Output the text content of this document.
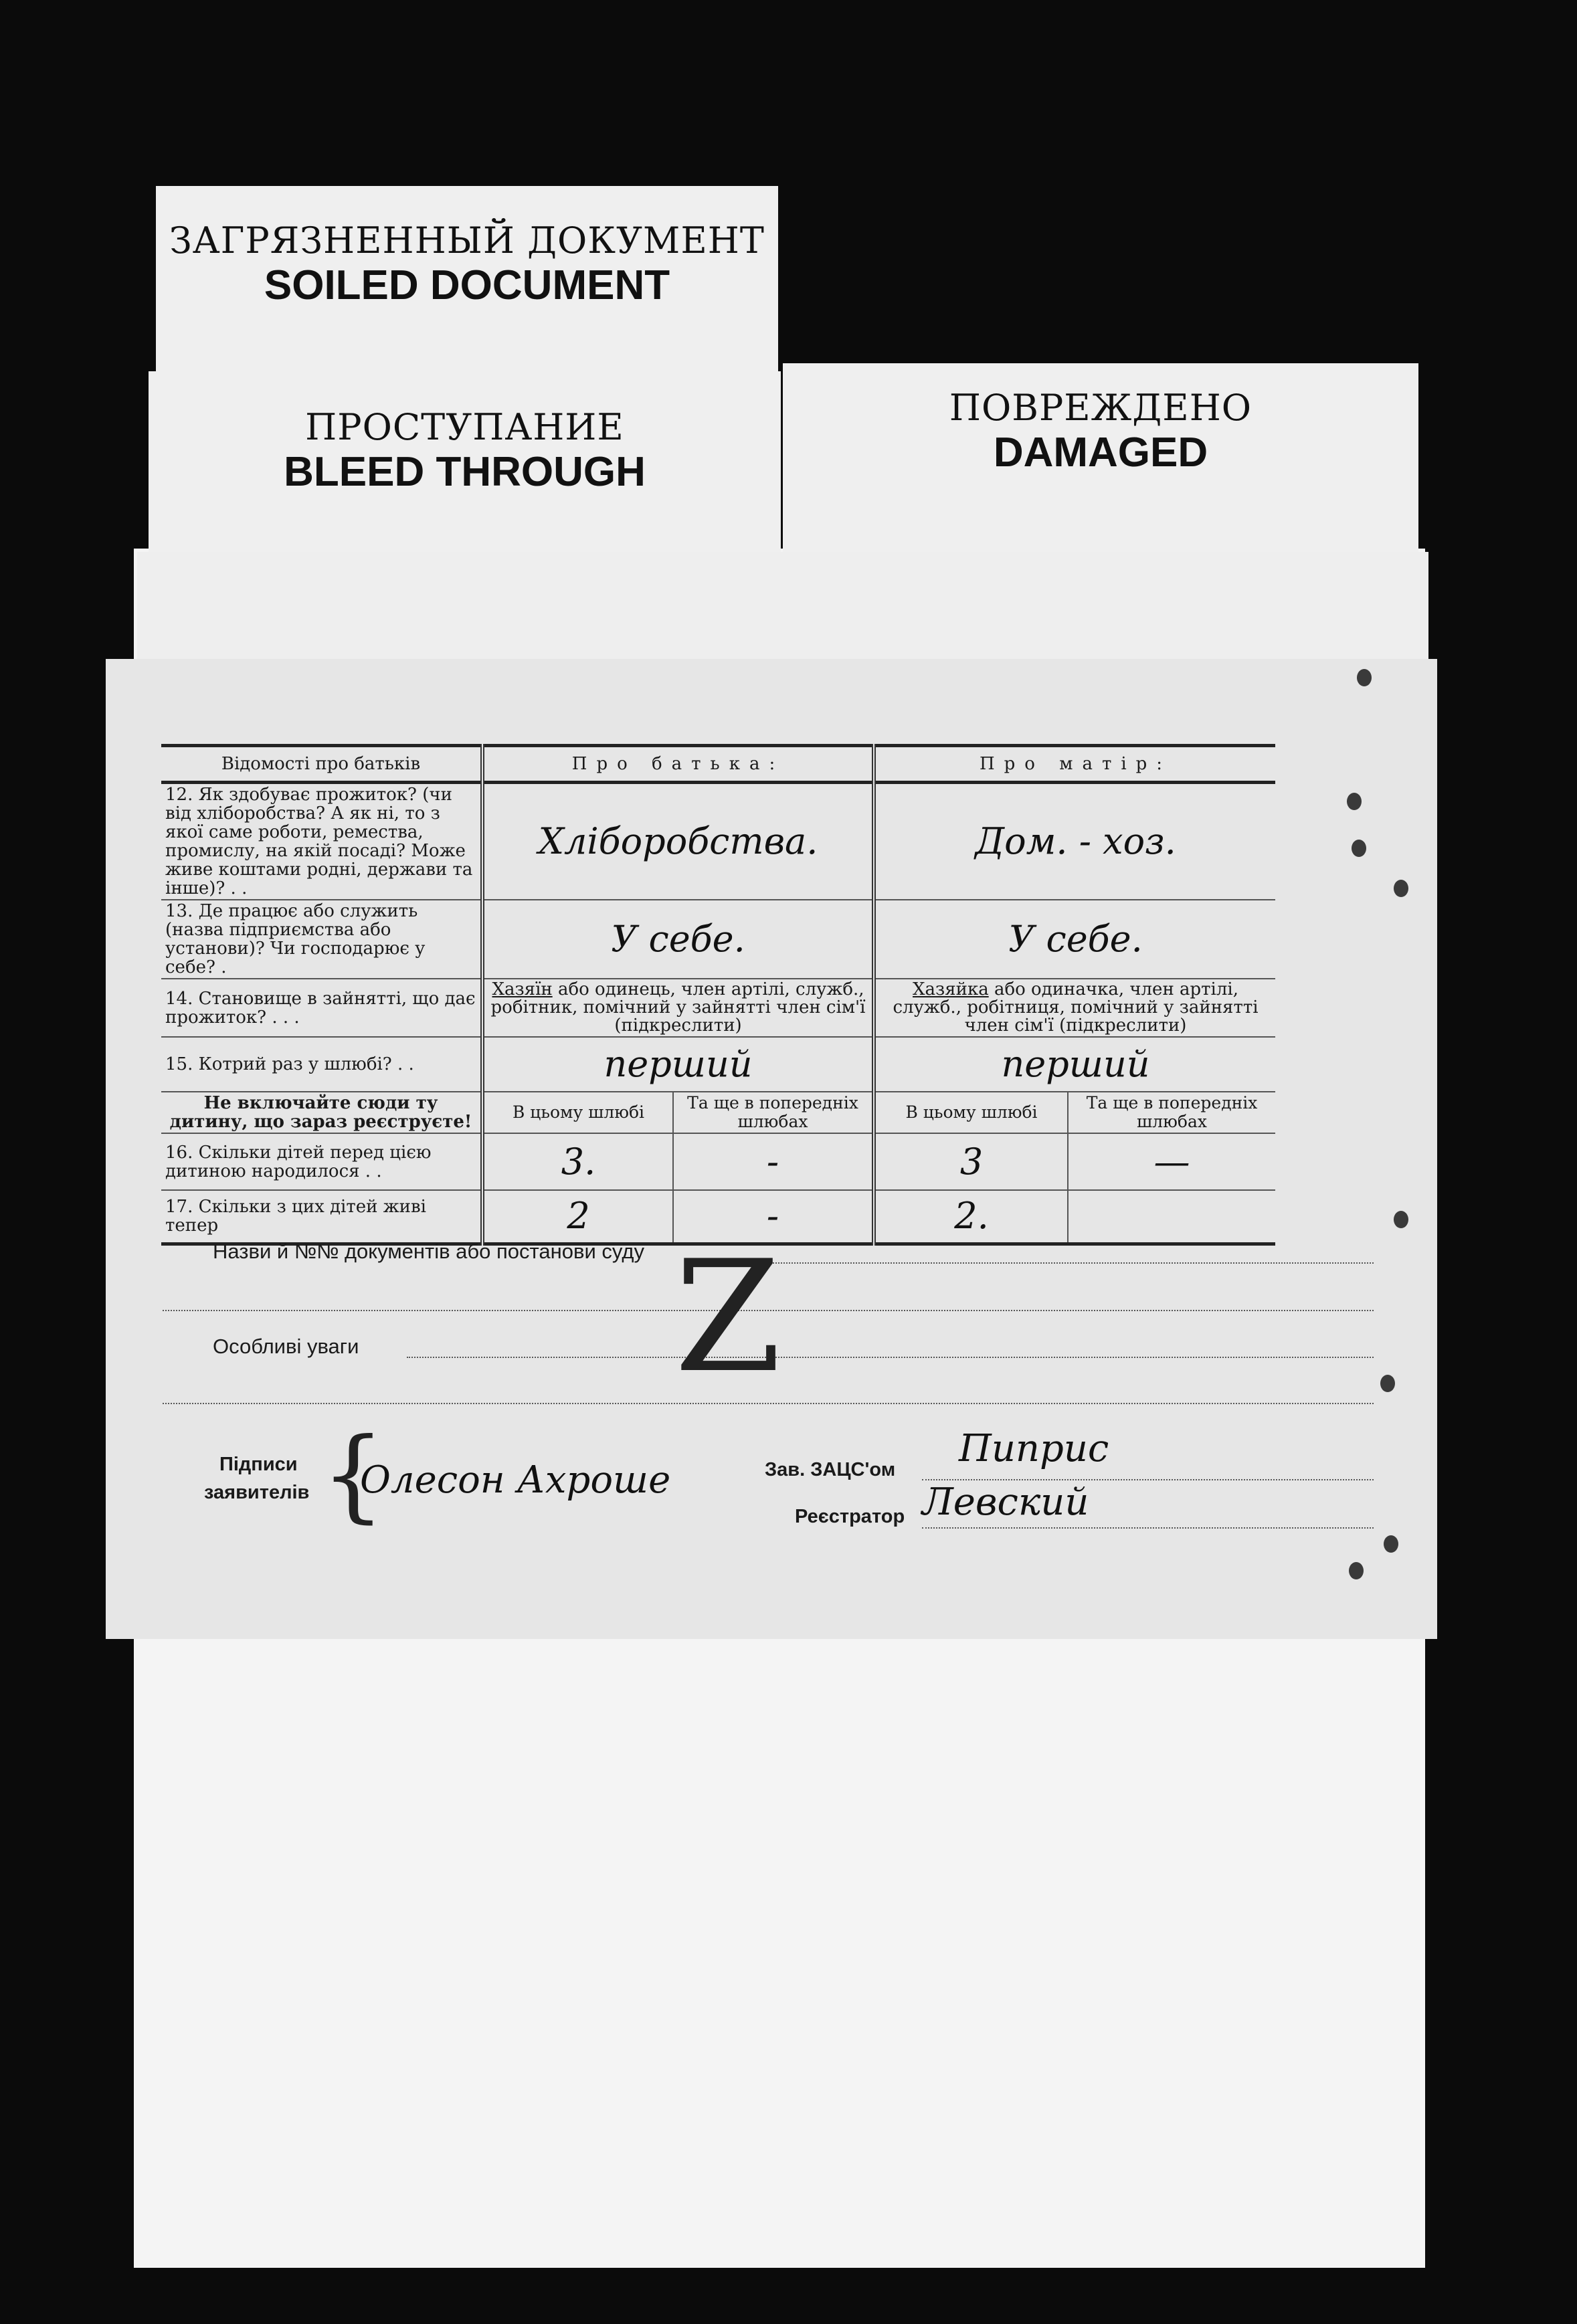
ЗАГРЯЗНЕННЫЙ ДОКУМЕНТ
SOILED DOCUMENT
ПРОСТУПАНИЕ
BLEED THROUGH
ПОВРЕЖДЕНО
DAMAGED
Відомості про батьків	Про батька:		Про матір:	
12. Як здобуває прожиток? (чи від хліборобства? А як ні, то з якої саме роботи, ремества, промислу, на якій посаді? Може живе коштами родні, держави та інше)? . .	Хліборобства.		Дом. - хоз.	
13. Де працює або служить (назва підприємства або установи)? Чи господарює у себе? .	У себе.		У себе.	
14. Становище в зайнятті, що дає прожиток? . . .	Хазяїн або одинець, член артілі, служб., робітник, помічний у зайнятті член сім'ї (підкреслити)		Хазяйка або одиначка, член артілі, служб., робітниця, помічний у зайнятті член сім'ї (підкреслити)	
15. Котрий раз у шлюбі? . .	перший		перший	
Не включайте сюди ту дитину, що зараз реєструєте!	В цьому шлюбі	Та ще в попередніх шлюбах	В цьому шлюбі	Та ще в попередніх шлюбах
16. Скільки дітей перед цією дитиною народилося . .	3.	-	3	—
17. Скільки з цих дітей живі тепер	2	-	2.	
Назви й №№ документів або постанови суду
Особливі уваги Z
Підписи
заявителів {
Олесон Ахроше	Зав. ЗАЦС'ом Пиприс
Реєстратор Левский
